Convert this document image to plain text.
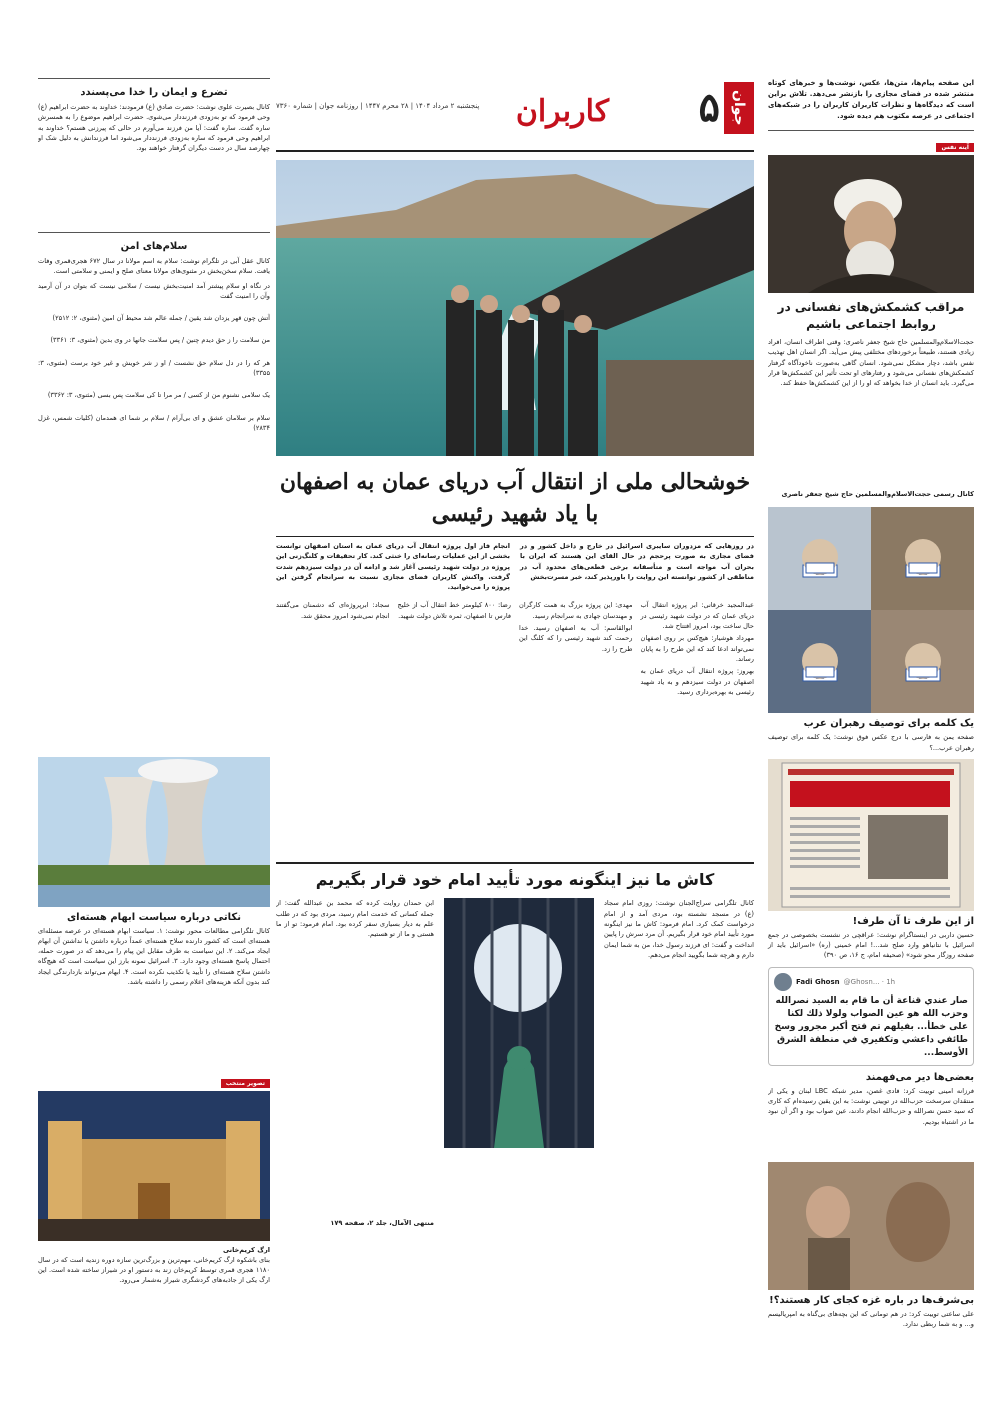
جوان
۵
کاربران
پنجشنبه ۲ مرداد ۱۴۰۴ | ۲۸ محرم ۱۴۴۷ | روزنامه جوان | شماره ۷۳۶۰
این صفحه پیام‌ها، متن‌ها، عکس، نوشت‌ها و خبرهای کوتاه منتشر شده در فضای مجازی را بازنشر می‌دهد. تلاش براین است که دیدگاه‌ها و نظرات کاربران کاربران را در شبکه‌های اجتماعی در عرصه مکتوب هم دیده شود.
آینه نفس
مراقب کشمکش‌های نفسانی در روابط اجتماعی باشیم
حجت‌الاسلام‌والمسلمین حاج شیخ جعفر ناصری: وقتی اطراف انسان، افراد زیادی هستند، طبیعتاً برخورد‌های مختلفی پیش می‌آید. اگر انسان اهل تهذیب نفس باشد، دچار مشکل نمی‌شود. انسان گاهی به‌صورت ناخودآگاه گرفتار کشمکش‌های نفسانی می‌شود و رفتارهای او تحت تأثیر این کشمکش‌ها قرار می‌گیرد. باید انسان از خدا بخواهد که او را از این کشمکش‌ها حفظ کند.
کانال رسمی حجت‌الاسلام‌والمسلمین حاج شیخ جعفر ناصری
یک کلمه برای توصیف رهبران عرب
صفحه یمن به فارسی با درج عکس فوق نوشت: یک کلمه برای توصیف رهبران عرب...؟
از این طرف تا آن طرف!
حسین داربی در اینستاگرام نوشت: عراقچی در نشست بخصوصی در جمع اسرائیل با نتانیاهو وارد صلح شد...! امام خمینی (ره) «اسرائیل باید از صفحه روزگار محو شود» (صحیفه امام، ج ۱۶، ص ۳۹۰)
Fadi Ghosn @Ghosn... · 1h
صار عندي قناعة أن ما قام به السيد نصرالله وحزب الله هو عين الصواب ولولا ذلك لكنا على خطأ... بفيلهم تم فتح أكبر مجرور وسخ طائفي داعشي وتكفيري في منطقة الشرق الأوسط...
بعضی‌ها دیر می‌فهمند
فرزانه امینی توییت کرد: فادی غصن، مدیر شبکه LBC لبنان و یکی از منتقدان سرسخت حزب‌الله در توییتی نوشت: به این یقین رسیده‌ام که کاری که سید حسن نصرالله و حزب‌الله انجام دادند، عین صواب بود و اگر آن نبود ما در اشتباه بودیم.
بی‌شرف‌ها در باره غزه کجای کار هستند؟!
علی ساعتی توییت کرد: در هم تومانی که این بچه‌های بی‌گناه به امپریالیسم و... و به شما ربطی ندارد.
خوشحالی ملی از انتقال آب دریای عمان به اصفهان با یاد شهید رئیسی
در روزهایی که مزدوران سایبری اسرائیل در خارج و داخل کشور و در فضای مجازی به صورت پرحجم در حال القای این هستند که ایران با بحران آب مواجه است و متأسفانه برخی قطعی‌های محدود آب در مناطقی از کشور توانسته این روایت را باورپذیر کند، خبر مسرت‌بخش
انجام فاز اول پروژه انتقال آب دریای عمان به استان اصفهان توانست بخشی از این عملیات رسانه‌ای را خنثی کند. کار تحقیقات و کلنگ‌زنی این پروژه در دولت شهید رئیسی آغاز شد و ادامه آن در دولت سیزدهم شدت گرفت. واکنش کاربران فضای مجازی نسبت به سرانجام گرفتن این پروژه را می‌خوانید.

عبدالمجید خرقانی: ابر پروژه انتقال آب دریای عمان که در دولت شهید رئیسی در حال ساخت بود، امروز افتتاح شد.

مهرداد هوشیار: هیچ‌کس بر روی اصفهان نمی‌تواند ادعا کند که این طرح را به پایان رساند.

بهروز: پروژه انتقال آب دریای عمان به اصفهان در دولت سیزدهم و به یاد شهید رئیسی به بهره‌برداری رسید.

مهدی: این پروژه بزرگ به همت کارگران و مهندسان جهادی به سرانجام رسید.

ابوالقاسم: آب به اصفهان رسید. خدا رحمت کند شهید رئیسی را که کلنگ این طرح را زد.

رضا: ۸۰۰ کیلومتر خط انتقال آب از خلیج فارس تا اصفهان، ثمره تلاش دولت شهید.

سجاد: ابرپروژه‌ای که دشمنان می‌گفتند انجام نمی‌شود امروز محقق شد.

کاش ما نیز اینگونه مورد تأیید امام خود قرار بگیریم
کانال تلگرامی سراج‌الجنان نوشت: روزی امام سجاد (ع) در مسجد نشسته بود، مردی آمد و از امام درخواست کمک کرد. امام فرمود: کاش ما نیز اینگونه مورد تأیید امام خود قرار بگیریم. آن مرد سرش را پایین انداخت و گفت: ای فرزند رسول خدا، من به شما ایمان دارم و هرچه شما بگویید انجام می‌دهم.
ابن حمدان روایت کرده که محمد بن عبدالله گفت: از جمله کسانی که خدمت امام رسید، مردی بود که در طلب علم به دیار بسیاری سفر کرده بود. امام فرمود: تو از ما هستی و ما از تو هستیم.
منتهی الآمال، جلد ۲، صفحه ۱۷۹
تضرع و ایمان را خدا می‌پسندد
کانال بصیرت علوی نوشت: حضرت صادق (ع) فرمودند: خداوند به حضرت ابراهیم (ع) وحی فرمود که تو به‌زودی فرزنددار می‌شوی. حضرت ابراهیم موضوع را به همسرش ساره گفت. ساره گفت: آیا من فرزند می‌آورم در حالی که پیرزنی هستم؟ خداوند به ابراهیم وحی فرمود که ساره به‌زودی فرزنددار می‌شود اما فرزندانش به دلیل شک او چهارصد سال در دست دیگران گرفتار خواهند بود.
سلام‌های امن
کانال عقل آبی در تلگرام نوشت: سلام به اسم مولانا در سال ۶۷۲ هجری‌قمری وفات یافت. سلام سخن‌بخش در مثنوی‌های مولانا معنای صلح و ایمنی و سلامتی است.

در نگاه او سلام پیشتر آمد امنیت‌بخش نیست / سلامی نیست که بتوان در آن آرمید وآن را امنیت گفت

آتش چون قهر یزدان شد یقین / جمله عالم شد محیط آن امین (مثنوی، ۲: ۲۵۱۲)

من سلامت را ز حق دیدم چنین / پس سلامت جانها در وی بدین (مثنوی، ۳: ۳۳۶۱)

هر که را در دل سلام حق نشست / او ز شر خویش و غیر خود برست (مثنوی، ۳: ۳۳۵۵)

یک سلامی نشنوم من از کسی / مر مرا تا کی سلامت پس بسی (مثنوی، ۳: ۳۳۶۲)

سلام بر سلامان عشق و ای بی‌آرام / سلام بر شما ای همدمان (کلیات شمس، غزل ۲۸۳۴)

نکاتی درباره سیاست ابهام هسته‌ای
کانال تلگرامی مطالعات محور نوشت: ۱. سیاست ابهام هسته‌ای در عرصه مسئله‌ای هسته‌ای است که کشور دارنده سلاح هسته‌ای عمداً درباره داشتن یا نداشتن آن ابهام ایجاد می‌کند. ۲. این سیاست به طرف مقابل این پیام را می‌دهد که در صورت حمله، احتمال پاسخ هسته‌ای وجود دارد. ۳. اسرائیل نمونه بارز این سیاست است که هیچ‌گاه داشتن سلاح هسته‌ای را تأیید یا تکذیب نکرده است. ۴. ابهام می‌تواند بازدارندگی ایجاد کند بدون آنکه هزینه‌های اعلام رسمی را داشته باشد.
تصویر منتخب
ارگ کریم‌خانی
بنای باشکوه ارگ کریم‌خانی، مهم‌ترین و بزرگ‌ترین سازه دوره زندیه است که در سال ۱۱۸۰ هجری قمری توسط کریم‌خان زند به دستور او در شیراز ساخته شده است. این ارگ یکی از جاذبه‌های گردشگری شیراز به‌شمار می‌رود.
